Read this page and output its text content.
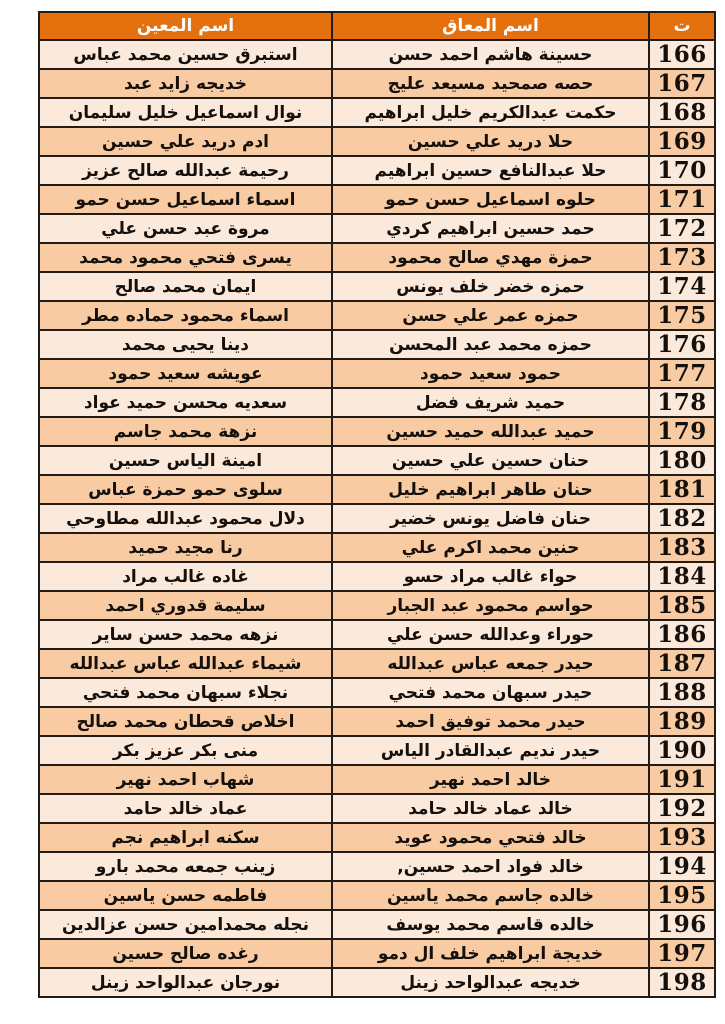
ت	اسم المعاق	اسم المعين
166	حسينة هاشم احمد حسن	استبرق حسين محمد عباس
167	حصه صمحيد مسيعد عليج	خديجه زايد عبد
168	حكمت عبدالكريم خليل ابراهيم	نوال اسماعيل خليل سليمان
169	حلا دريد علي حسين	ادم دريد علي حسين
170	حلا عبدالنافع حسين ابراهيم	رحيمة عبدالله صالح عزيز
171	حلوه اسماعيل حسن حمو	اسماء اسماعيل حسن حمو
172	حمد حسين ابراهيم كردي	مروة عبد حسن علي
173	حمزة مهدي صالح محمود	يسرى فتحي محمود محمد
174	حمزه خضر خلف يونس	ايمان محمد صالح
175	حمزه عمر علي حسن	اسماء محمود حماده مطر
176	حمزه محمد عبد المحسن	دينا يحيى محمد
177	حمود سعيد حمود	عويشه سعيد حمود
178	حميد شريف فضل	سعديه محسن حميد عواد
179	حميد عبدالله حميد حسين	نزهة محمد جاسم
180	حنان حسين علي حسين	امينة الياس حسين
181	حنان طاهر ابراهيم خليل	سلوى حمو حمزة عباس
182	حنان فاضل يونس خضير	دلال محمود عبدالله مطاوحي
183	حنين محمد اكرم علي	رنا مجيد حميد
184	حواء غالب مراد حسو	غاده غالب مراد
185	حواسم محمود عبد الجبار	سليمة قدوري احمد
186	حوراء وعدالله حسن علي	نزهه محمد حسن ساير
187	حيدر جمعه عباس عبدالله	شيماء عبدالله عباس عبدالله
188	حيدر سبهان محمد فتحي	نجلاء سبهان محمد فتحي
189	حيدر محمد توفيق احمد	اخلاص قحطان محمد صالح
190	حيدر نديم عبدالقادر الياس	منى بكر عزيز بكر
191	خالد احمد نهير	شهاب احمد نهير
192	خالد عماد خالد حامد	عماد خالد حامد
193	خالد فتحي محمود عويد	سكنه ابراهيم نجم
194	خالد فواد احمد حسين,	زينب جمعه محمد بارو
195	خالده جاسم محمد ياسين	فاطمه حسن ياسين
196	خالده قاسم محمد يوسف	نجله محمدامين حسن عزالدين
197	خديجة ابراهيم خلف ال دمو	رغده صالح حسين
198	خديجه عبدالواحد زينل	نورجان عبدالواحد زينل
